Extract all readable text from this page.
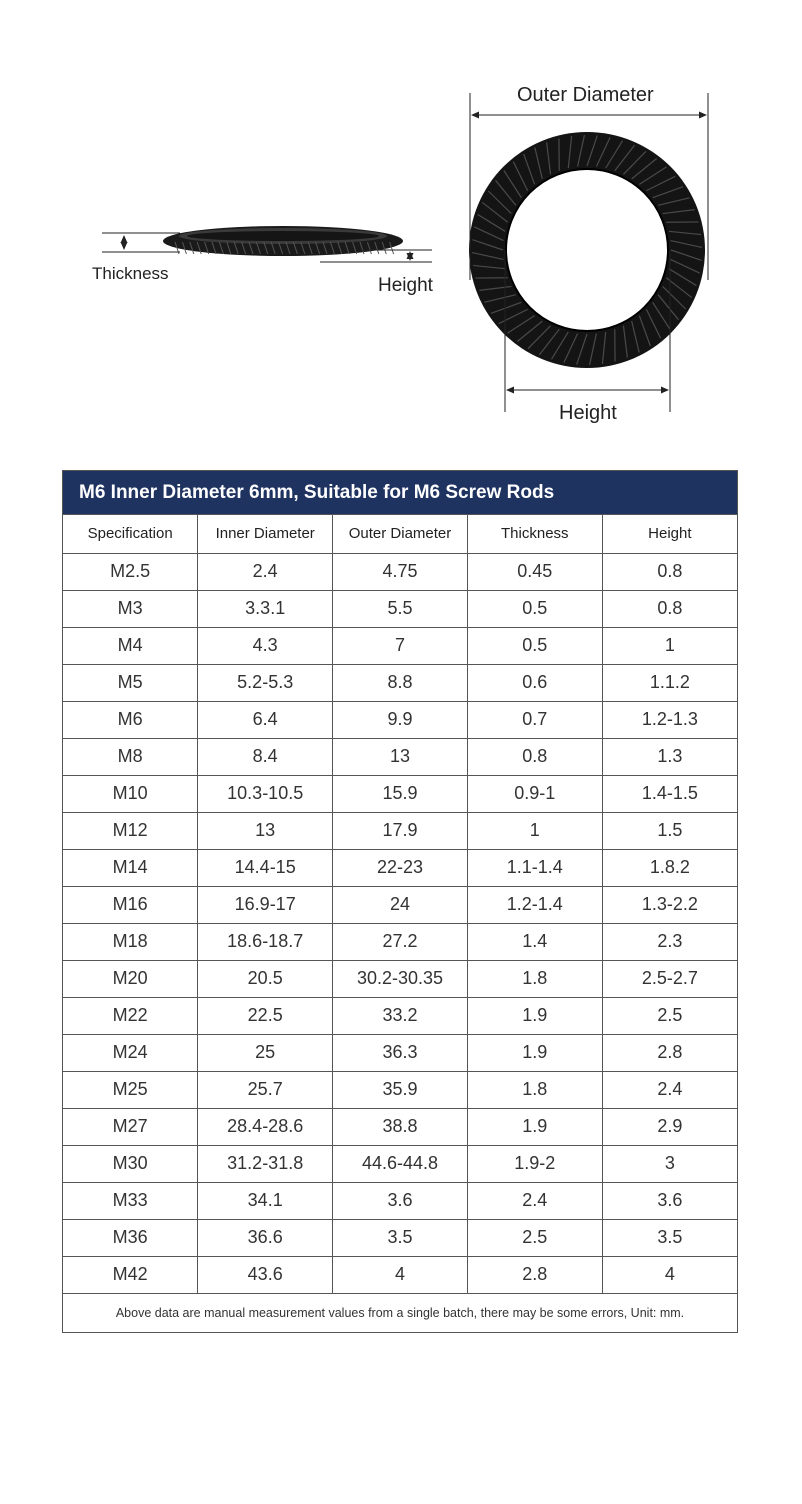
Thickness
Height
Outer Diameter
Height
M6 Inner Diameter 6mm, Suitable for M6 Screw Rods
Specification	Inner Diameter	Outer Diameter	Thickness	Height
M2.5	2.4	4.75	0.45	0.8
M3	3.3.1	5.5	0.5	0.8
M4	4.3	7	0.5	1
M5	5.2-5.3	8.8	0.6	1.1.2
M6	6.4	9.9	0.7	1.2-1.3
M8	8.4	13	0.8	1.3
M10	10.3-10.5	15.9	0.9-1	1.4-1.5
M12	13	17.9	1	1.5
M14	14.4-15	22-23	1.1-1.4	1.8.2
M16	16.9-17	24	1.2-1.4	1.3-2.2
M18	18.6-18.7	27.2	1.4	2.3
M20	20.5	30.2-30.35	1.8	2.5-2.7
M22	22.5	33.2	1.9	2.5
M24	25	36.3	1.9	2.8
M25	25.7	35.9	1.8	2.4
M27	28.4-28.6	38.8	1.9	2.9
M30	31.2-31.8	44.6-44.8	1.9-2	3
M33	34.1	3.6	2.4	3.6
M36	36.6	3.5	2.5	3.5
M42	43.6	4	2.8	4
Above data are manual measurement values from a single batch, there may be some errors, Unit: mm.
